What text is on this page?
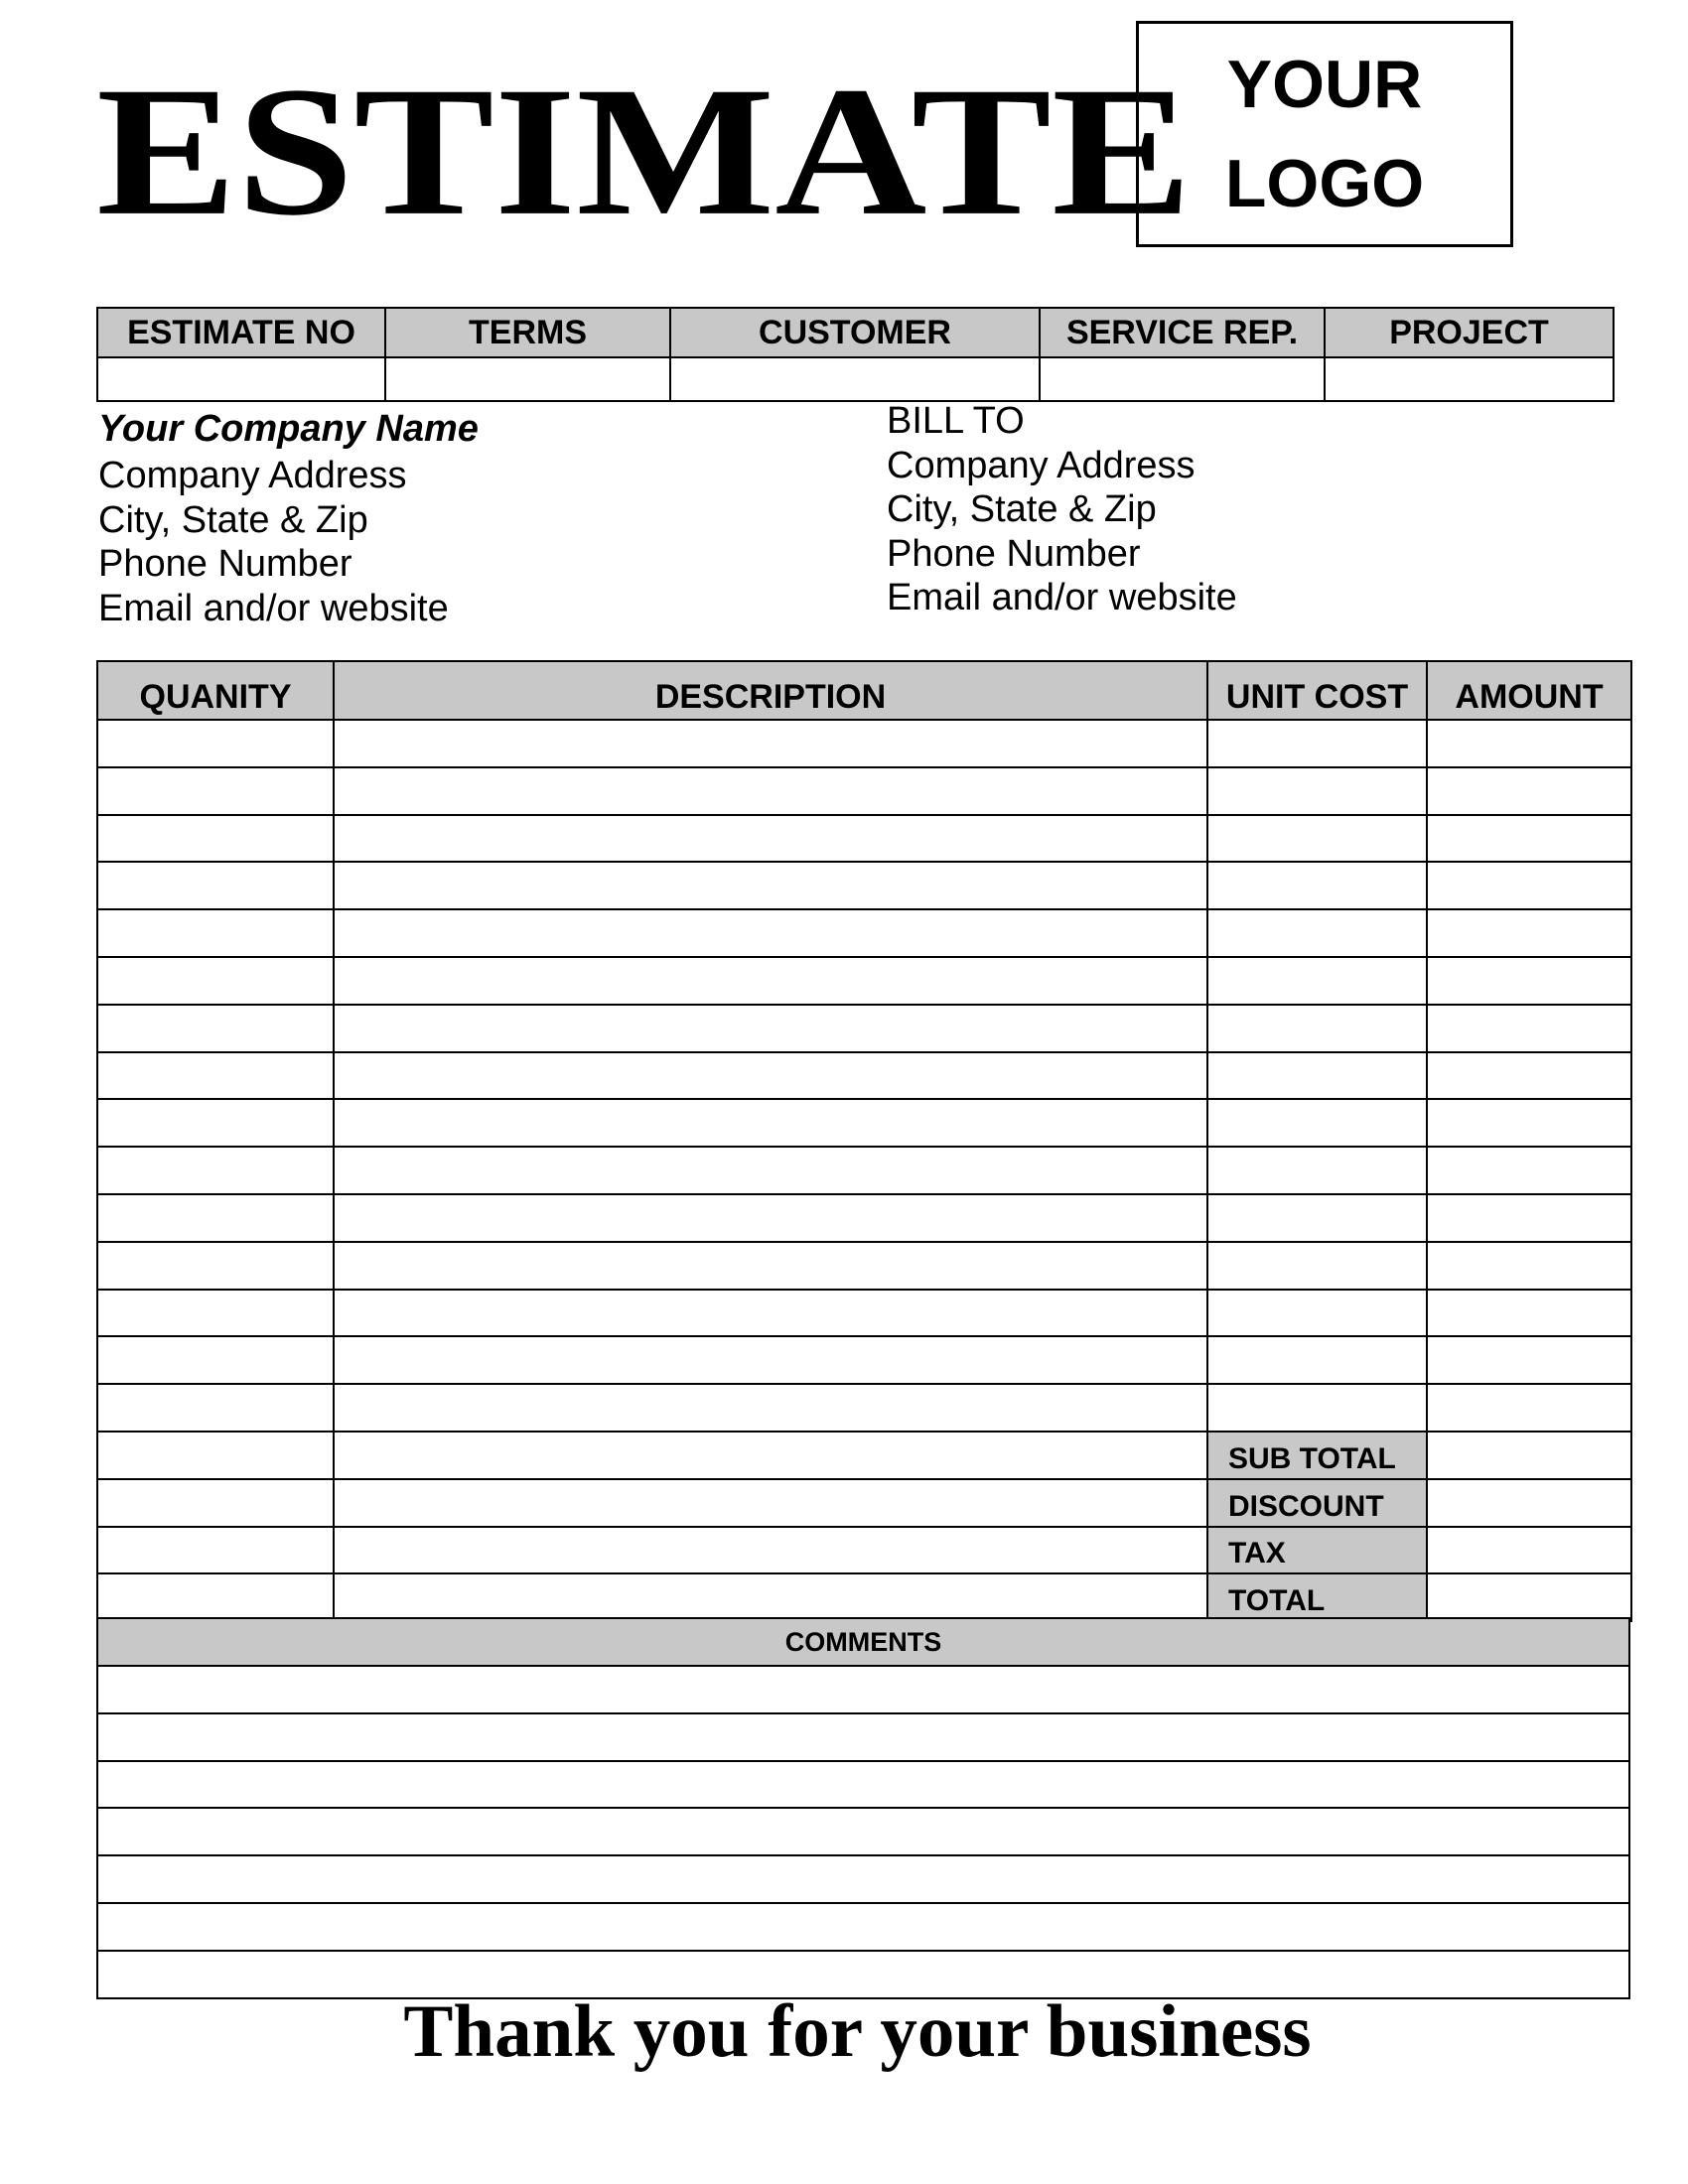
ESTIMATE YOUR
LOGO
ESTIMATE NO	TERMS	CUSTOMER	SERVICE REP.	PROJECT

Your Company Name
Company Address
City, State & Zip
Phone Number
Email and/or website
BILL TO
Company Address
City, State & Zip
Phone Number
Email and/or website
QUANITY	DESCRIPTION	UNIT COST	AMOUNT

		SUB TOTAL	
		DISCOUNT	
		TAX	
		TOTAL	
COMMENTS

Thank you for your business
